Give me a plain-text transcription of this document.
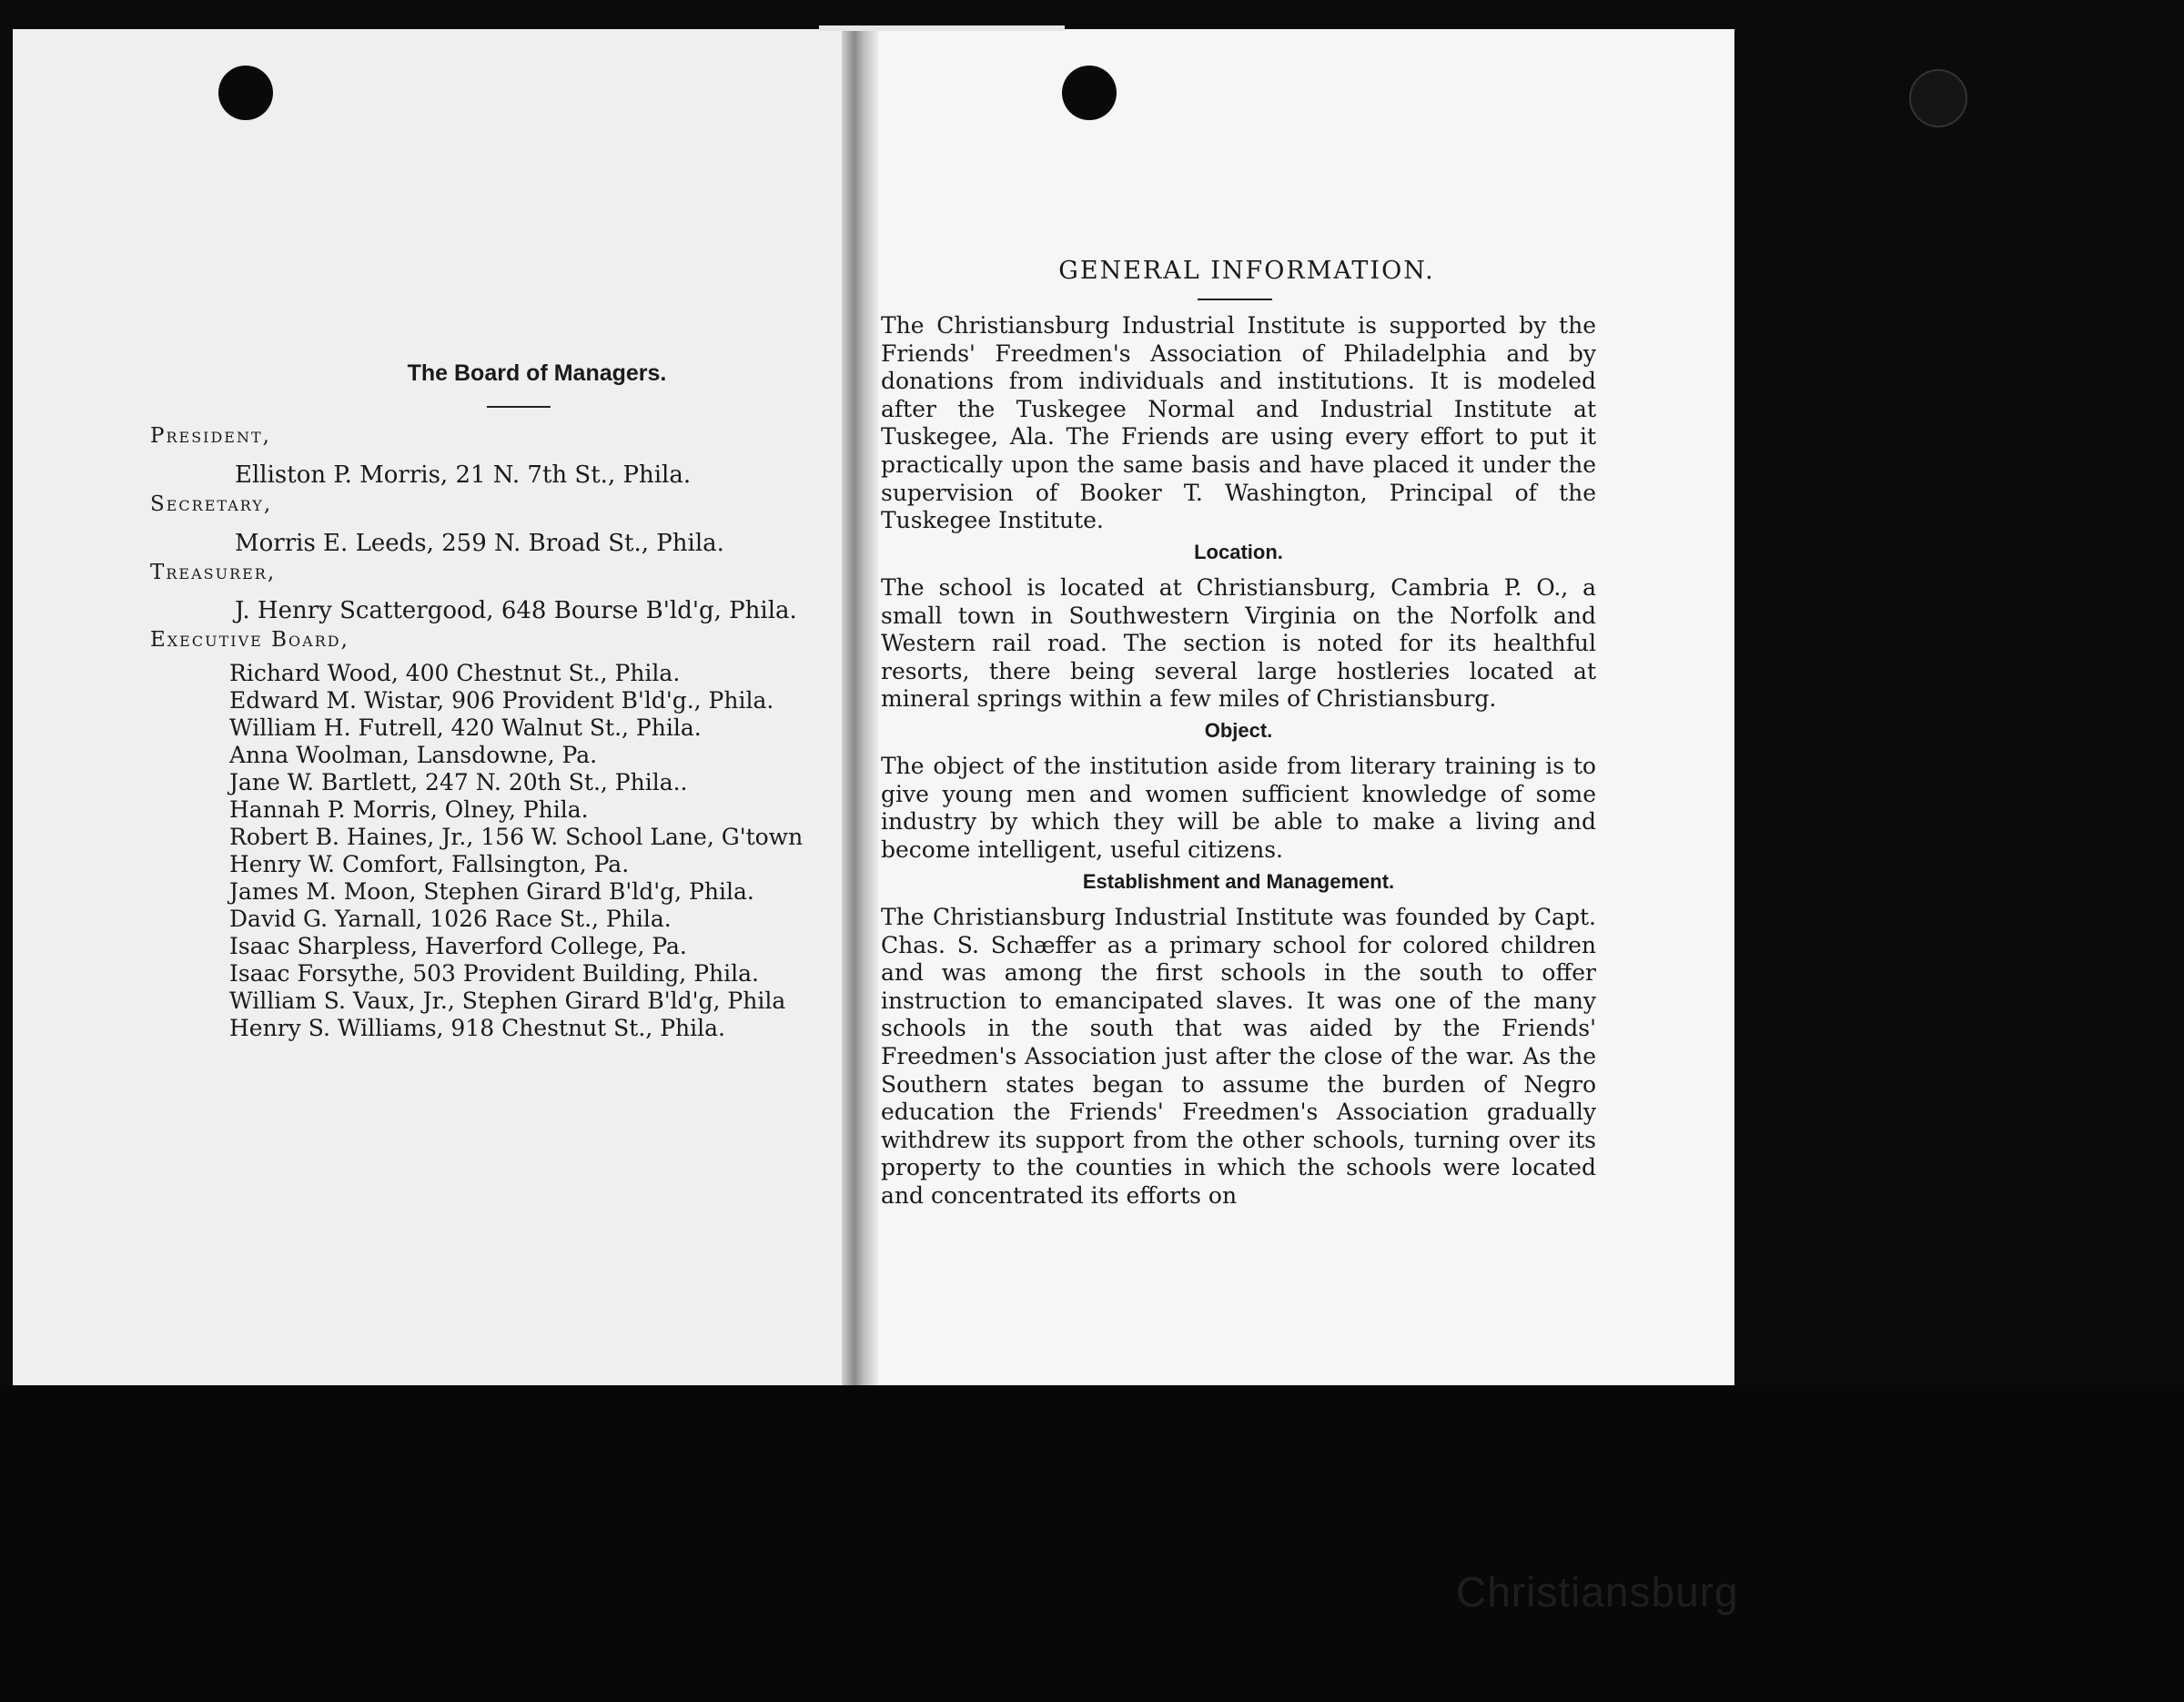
Christiansburg
The Board of Managers.
President,
Elliston P. Morris, 21 N. 7th St., Phila.
Secretary,
Morris E. Leeds, 259 N. Broad St., Phila.
Treasurer,
J. Henry Scattergood, 648 Bourse B'ld'g, Phila.
Executive Board,
Richard Wood, 400 Chestnut St., Phila.
Edward M. Wistar, 906 Provident B'ld'g., Phila.
William H. Futrell, 420 Walnut St., Phila.
Anna Woolman, Lansdowne, Pa.
Jane W. Bartlett, 247 N. 20th St., Phila..
Hannah P. Morris, Olney, Phila.
Robert B. Haines, Jr., 156 W. School Lane, G'town
Henry W. Comfort, Fallsington, Pa.
James M. Moon, Stephen Girard B'ld'g, Phila.
David G. Yarnall, 1026 Race St., Phila.
Isaac Sharpless, Haverford College, Pa.
Isaac Forsythe, 503 Provident Building, Phila.
William S. Vaux, Jr., Stephen Girard B'ld'g, Phila
Henry S. Williams, 918 Chestnut St., Phila.
GENERAL INFORMATION.
The Christiansburg Industrial Institute is supported by the Friends' Freedmen's Association of Philadelphia and by donations from individuals and institutions. It is modeled after the Tuskegee Normal and Industrial Institute at Tuskegee, Ala. The Friends are using every effort to put it practically upon the same basis and have placed it under the supervision of Booker T. Washington, Principal of the Tuskegee Institute.
Location.
The school is located at Christiansburg, Cambria P. O., a small town in Southwestern Virginia on the Norfolk and Western rail road. The section is noted for its healthful resorts, there being several large hostleries located at mineral springs within a few miles of Christiansburg.
Object.
The object of the institution aside from literary training is to give young men and women sufficient knowledge of some industry by which they will be able to make a living and become intelligent, useful citizens.
Establishment and Management.
The Christiansburg Industrial Institute was founded by Capt. Chas. S. Schæffer as a primary school for colored children and was among the first schools in the south to offer instruction to emancipated slaves. It was one of the many schools in the south that was aided by the Friends' Freedmen's Association just after the close of the war. As the Southern states began to assume the burden of Negro education the Friends' Freedmen's Association gradually withdrew its support from the other schools, turning over its property to the counties in which the schools were located and concentrated its efforts on
